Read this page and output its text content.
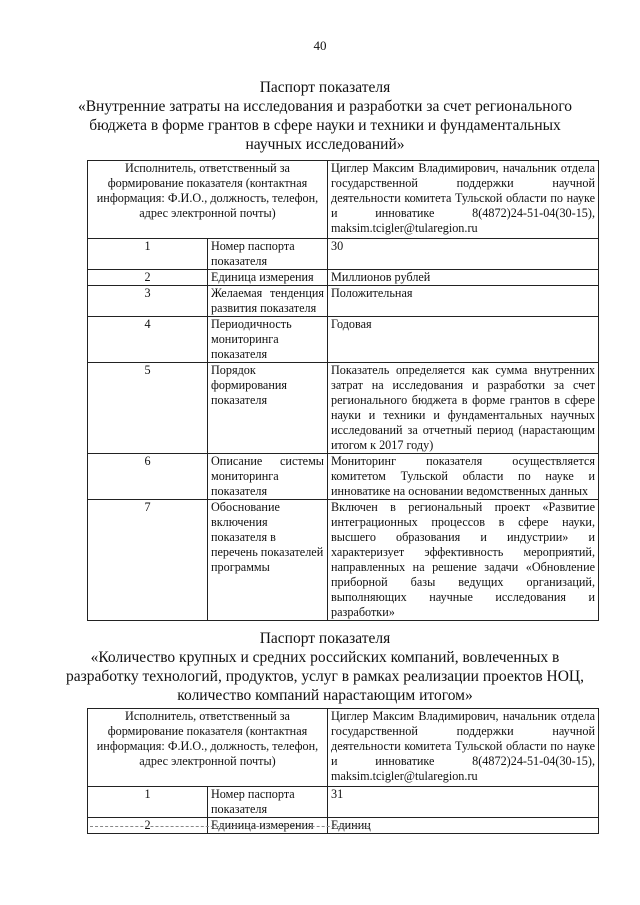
40
Паспорт показателя
«Внутренние затраты на исследования и разработки за счет регионального бюджета в форме грантов в сфере науки и техники и фундаментальных научных исследований»
Исполнитель, ответственный за формирование показателя (контактная информация: Ф.И.О., должность, телефон, адрес электронной почты)		Циглер Максим Владимирович, начальник отдела государственной поддержки научной деятельности комитета Тульской области по науке и инноватике 8(4872)24-51-04(30-15), maksim.tcigler@tularegion.ru
1	Номер паспорта показателя	30
2	Единица измерения	Миллионов рублей
3	Желаемая тенденция развития показателя	Положительная
4	Периодичность мониторинга показателя	Годовая
5	Порядок формирования показателя	Показатель определяется как сумма внутренних затрат на исследования и разработки за счет регионального бюджета в форме грантов в сфере науки и техники и фундаментальных научных исследований за отчетный период (нарастающим итогом к 2017 году)
6	Описание системы мониторинга показателя	Мониторинг показателя осуществляется комитетом Тульской области по науке и инноватике на основании ведомственных данных
7	Обоснование включения показателя в перечень показателей программы	Включен в региональный проект «Развитие интеграционных процессов в сфере науки, высшего образования и индустрии» и характеризует эффективность мероприятий, направленных на решение задачи «Обновление приборной базы ведущих организаций, выполняющих научные исследования и разработки»
Паспорт показателя
«Количество крупных и средних российских компаний, вовлеченных в разработку технологий, продуктов, услуг в рамках реализации проектов НОЦ, количество компаний нарастающим итогом»
Исполнитель, ответственный за формирование показателя (контактная информация: Ф.И.О., должность, телефон, адрес электронной почты)		Циглер Максим Владимирович, начальник отдела государственной поддержки научной деятельности комитета Тульской области по науке и инноватике 8(4872)24-51-04(30-15), maksim.tcigler@tularegion.ru
1	Номер паспорта показателя	31
2	Единица измерения	Единиц
